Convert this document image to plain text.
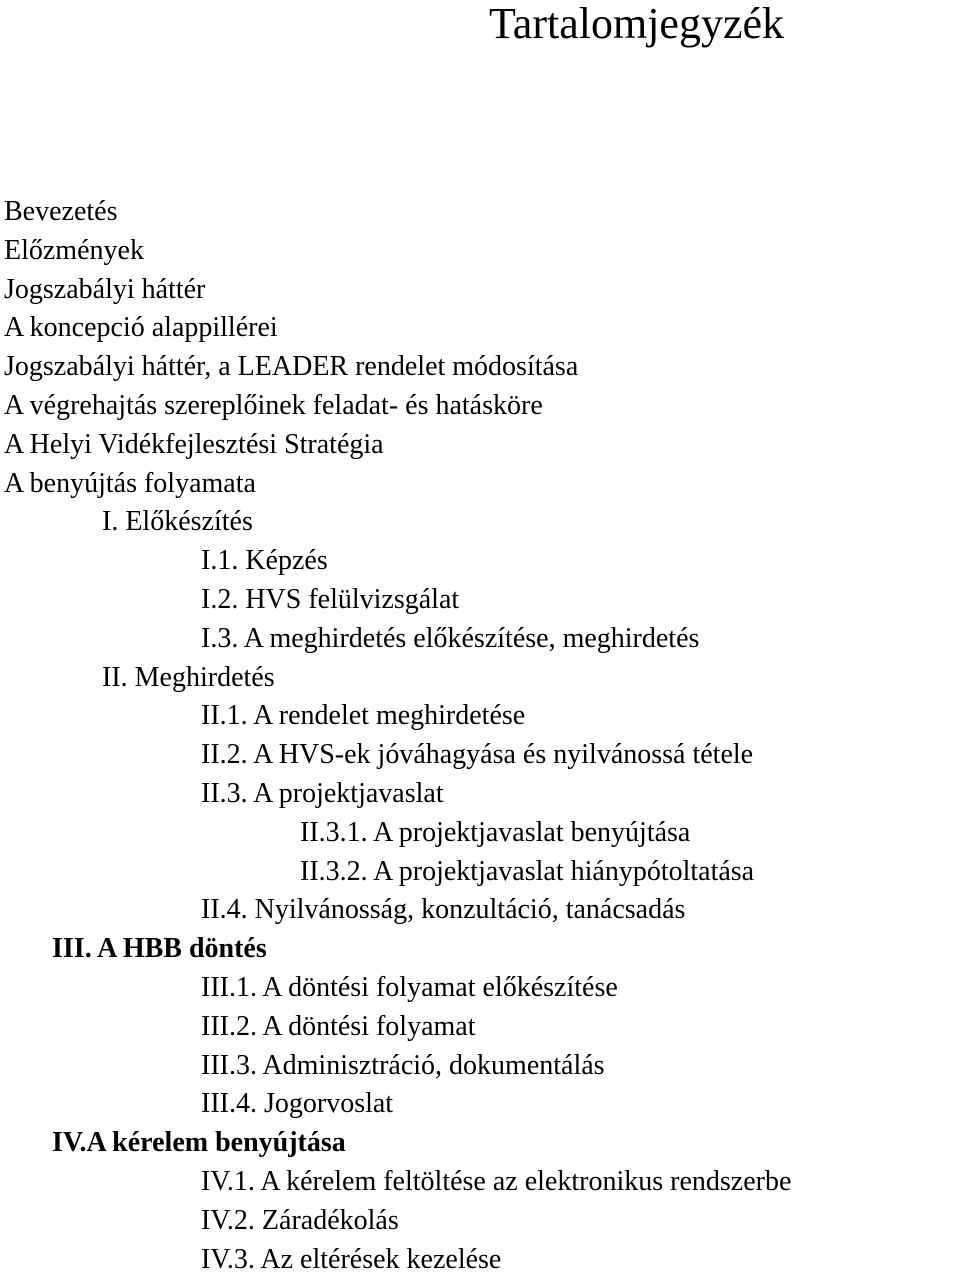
Tartalomjegyzék
Bevezetés
Előzmények
Jogszabályi háttér
A koncepció alappillérei
Jogszabályi háttér, a LEADER rendelet módosítása
A végrehajtás szereplőinek feladat- és hatásköre
A Helyi Vidékfejlesztési Stratégia
A benyújtás folyamata
I. Előkészítés
I.1. Képzés
I.2. HVS felülvizsgálat
I.3. A meghirdetés előkészítése, meghirdetés
II. Meghirdetés
II.1. A rendelet meghirdetése
II.2. A HVS-ek jóváhagyása és nyilvánossá tétele
II.3. A projektjavaslat
II.3.1. A projektjavaslat benyújtása
II.3.2. A projektjavaslat hiánypótoltatása
II.4. Nyilvánosság, konzultáció, tanácsadás
III. A HBB döntés
III.1. A döntési folyamat előkészítése
III.2. A döntési folyamat
III.3. Adminisztráció, dokumentálás
III.4. Jogorvoslat
IV.A kérelem benyújtása
IV.1. A kérelem feltöltése az elektronikus rendszerbe
IV.2. Záradékolás
IV.3. Az eltérések kezelése
